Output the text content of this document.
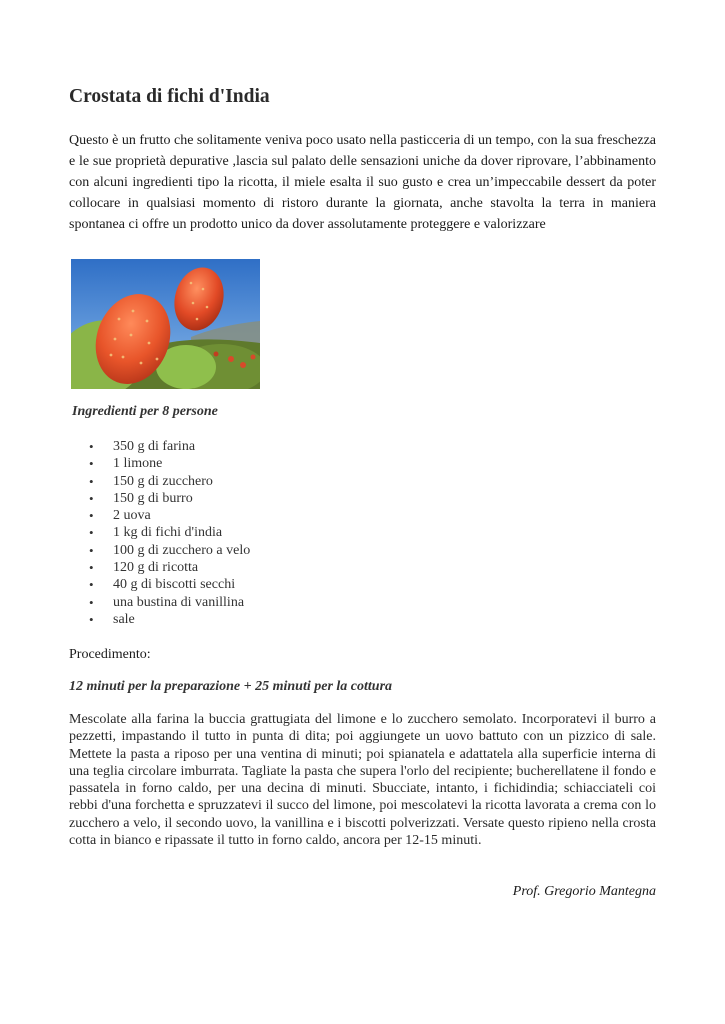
Crostata di fichi d'India

Questo è un frutto che solitamente veniva poco usato nella pasticceria di un tempo, con la sua freschezza e le sue proprietà depurative ,lascia sul palato delle sensazioni uniche da dover riprovare, l’abbinamento con alcuni ingredienti tipo la ricotta, il miele esalta il suo gusto e crea un’impeccabile dessert da poter collocare in qualsiasi momento di ristoro durante la giornata, anche stavolta la terra in maniera spontanea ci offre un prodotto unico da dover assolutamente proteggere e valorizzare

Ingredienti per 8 persone

• 350 g di farina
• 1 limone
• 150 g di zucchero
• 150 g di burro
• 2 uova
• 1 kg di fichi d'india
• 100 g di zucchero a velo
• 120 g di ricotta
• 40 g di biscotti secchi
• una bustina di vanillina
• sale

Procedimento:

12 minuti per la preparazione + 25 minuti per la cottura

Mescolate alla farina la buccia grattugiata del limone e lo zucchero semolato. Incorporatevi il burro a pezzetti, impastando il tutto in punta di dita; poi aggiungete un uovo battuto con un pizzico di sale. Mettete la pasta a riposo per una ventina di minuti; poi spianatela e adattatela alla superficie interna di una teglia circolare imburrata. Tagliate la pasta che supera l'orlo del recipiente; bucherellatene il fondo e passatela in forno caldo, per una decina di minuti. Sbucciate, intanto, i fichidindia; schiacciateli coi rebbi d'una forchetta e spruzzatevi il succo del limone, poi mescolatevi la ricotta lavorata a crema con lo zucchero a velo, il secondo uovo, la vanillina e i biscotti polverizzati. Versate questo ripieno nella crosta cotta in bianco e ripassate il tutto in forno caldo, ancora per 12-15 minuti.

Prof. Gregorio Mantegna
